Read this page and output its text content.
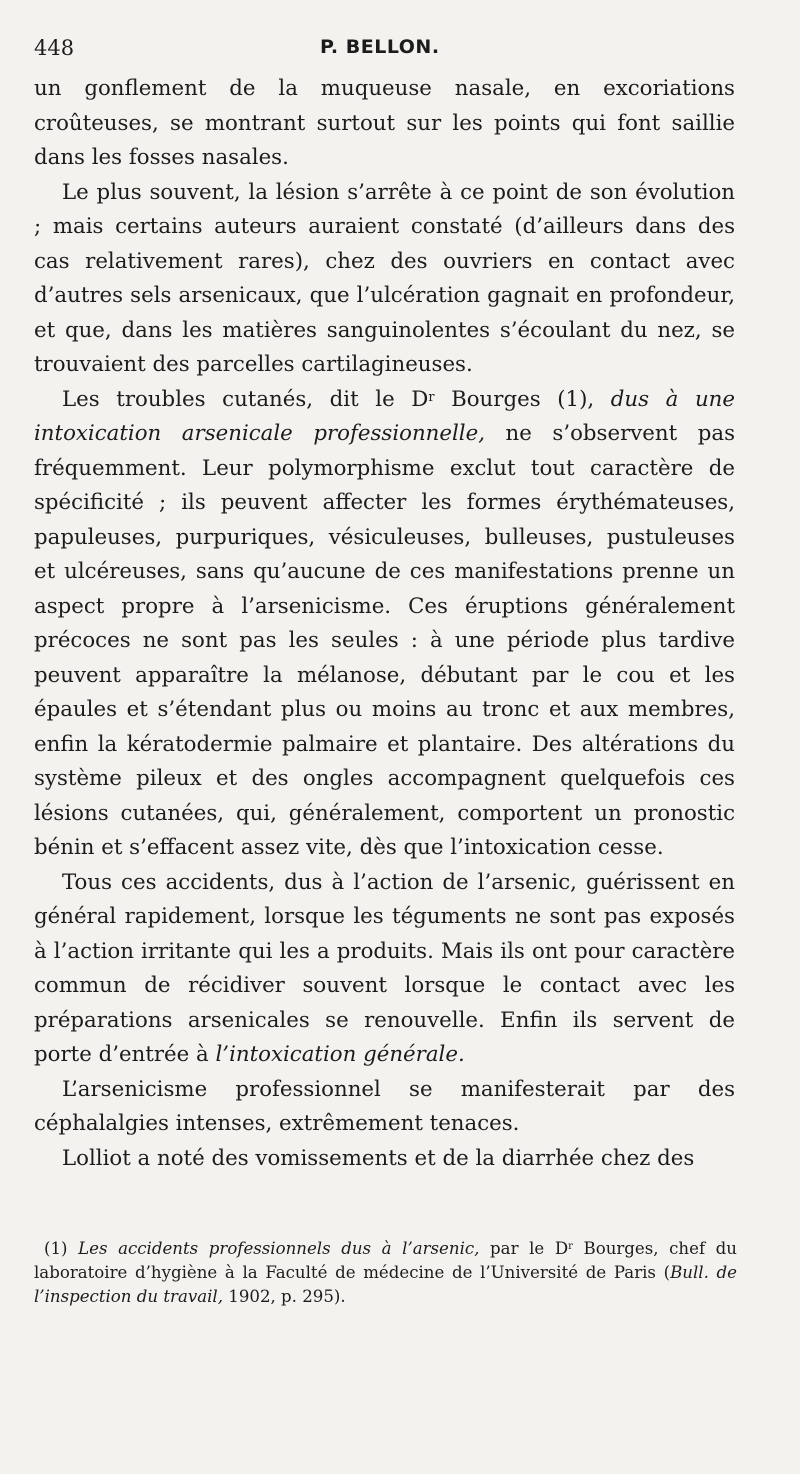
448	P. BELLON.

un gonflement de la muqueuse nasale, en excoriations croûteuses, se montrant surtout sur les points qui font saillie dans les fosses nasales.

Le plus souvent, la lésion s’arrête à ce point de son évolution ; mais certains auteurs auraient constaté (d’ailleurs dans des cas relativement rares), chez des ouvriers en contact avec d’autres sels arsenicaux, que l’ulcération gagnait en profondeur, et que, dans les matières sanguinolentes s’écoulant du nez, se trouvaient des parcelles cartilagineuses.

Les troubles cutanés, dit le $D^r$ Bourges (1), dus à une intoxication arsenicale professionnelle, ne s’observent pas fréquemment. Leur polymorphisme exclut tout caractère de spécificité ; ils peuvent affecter les formes érythémateuses, papuleuses, purpuriques, vésiculeuses, bulleuses, pustuleuses et ulcéreuses, sans qu’aucune de ces manifestations prenne un aspect propre à l’arsenicisme. Ces éruptions généralement précoces ne sont pas les seules : à une période plus tardive peuvent apparaître la mélanose, débutant par le cou et les épaules et s’étendant plus ou moins au tronc et aux membres, enfin la kératodermie palmaire et plantaire. Des altérations du système pileux et des ongles accompagnent quelquefois ces lésions cutanées, qui, généralement, comportent un pronostic bénin et s’effacent assez vite, dès que l’intoxication cesse.

Tous ces accidents, dus à l’action de l’arsenic, guérissent en général rapidement, lorsque les téguments ne sont pas exposés à l’action irritante qui les a produits. Mais ils ont pour caractère commun de récidiver souvent lorsque le contact avec les préparations arsenicales se renouvelle. Enfin ils servent de porte d’entrée à l’intoxication générale.

L’arsenicisme professionnel se manifesterait par des céphalalgies intenses, extrêmement tenaces.

Lolliot a noté des vomissements et de la diarrhée chez des

(1) Les accidents professionnels dus à l’arsenic, par le $D^r$ Bourges, chef du laboratoire d’hygiène à la Faculté de médecine de l’Université de Paris (Bull. de l’inspection du travail, 1902, p. 295).
